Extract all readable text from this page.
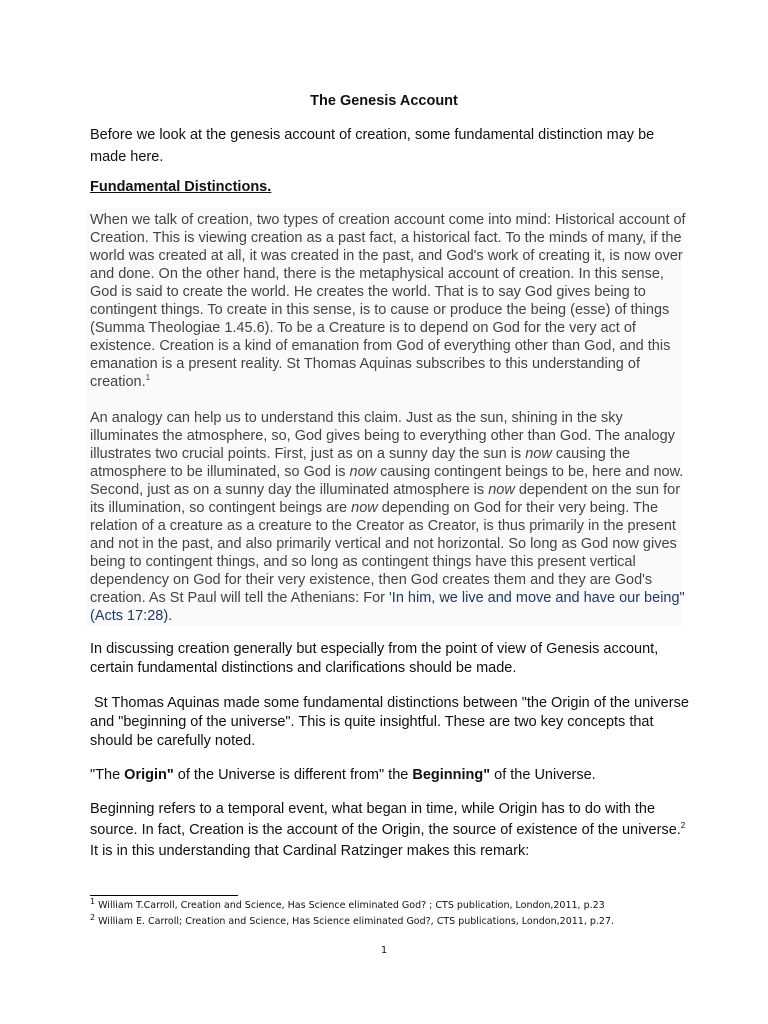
The Genesis Account

Before we look at the genesis account of creation, some fundamental distinction may be made here.

Fundamental Distinctions.

When we talk of creation, two types of creation account come into mind: Historical account of Creation. This is viewing creation as a past fact, a historical fact. To the minds of many, if the world was created at all, it was created in the past, and God's work of creating it, is now over and done. On the other hand, there is the metaphysical account of creation. In this sense, God is said to create the world. He creates the world. That is to say God gives being to contingent things. To create in this sense, is to cause or produce the being (esse) of things (Summa Theologiae 1.45.6). To be a Creature is to depend on God for the very act of existence. Creation is a kind of emanation from God of everything other than God, and this emanation is a present reality. St Thomas Aquinas subscribes to this understanding of creation.$^1$

An analogy can help us to understand this claim. Just as the sun, shining in the sky illuminates the atmosphere, so, God gives being to everything other than God. The analogy illustrates two crucial points. First, just as on a sunny day the sun is now causing the atmosphere to be illuminated, so God is now causing contingent beings to be, here and now. Second, just as on a sunny day the illuminated atmosphere is now dependent on the sun for its illumination, so contingent beings are now depending on God for their very being. The relation of a creature as a creature to the Creator as Creator, is thus primarily in the present and not in the past, and also primarily vertical and not horizontal. So long as God now gives being to contingent things, and so long as contingent things have this present vertical dependency on God for their very existence, then God creates them and they are God's creation. As St Paul will tell the Athenians: For 'In him, we live and move and have our being" (Acts 17:28).

In discussing creation generally but especially from the point of view of Genesis account, certain fundamental distinctions and clarifications should be made.

St Thomas Aquinas made some fundamental distinctions between "the Origin of the universe and "beginning of the universe". This is quite insightful. These are two key concepts that should be carefully noted.

"The Origin" of the Universe is different from" the Beginning" of the Universe.

Beginning refers to a temporal event, what began in time, while Origin has to do with the source. In fact, Creation is the account of the Origin, the source of existence of the universe.$^2$  It is in this understanding that Cardinal Ratzinger makes this remark:

$^1$ William T.Carroll, Creation and Science, Has Science eliminated God? ; CTS publication, London,2011, p.23

$^2$ William E. Carroll; Creation and Science, Has Science eliminated God?, CTS publications, London,2011, p.27.

1
